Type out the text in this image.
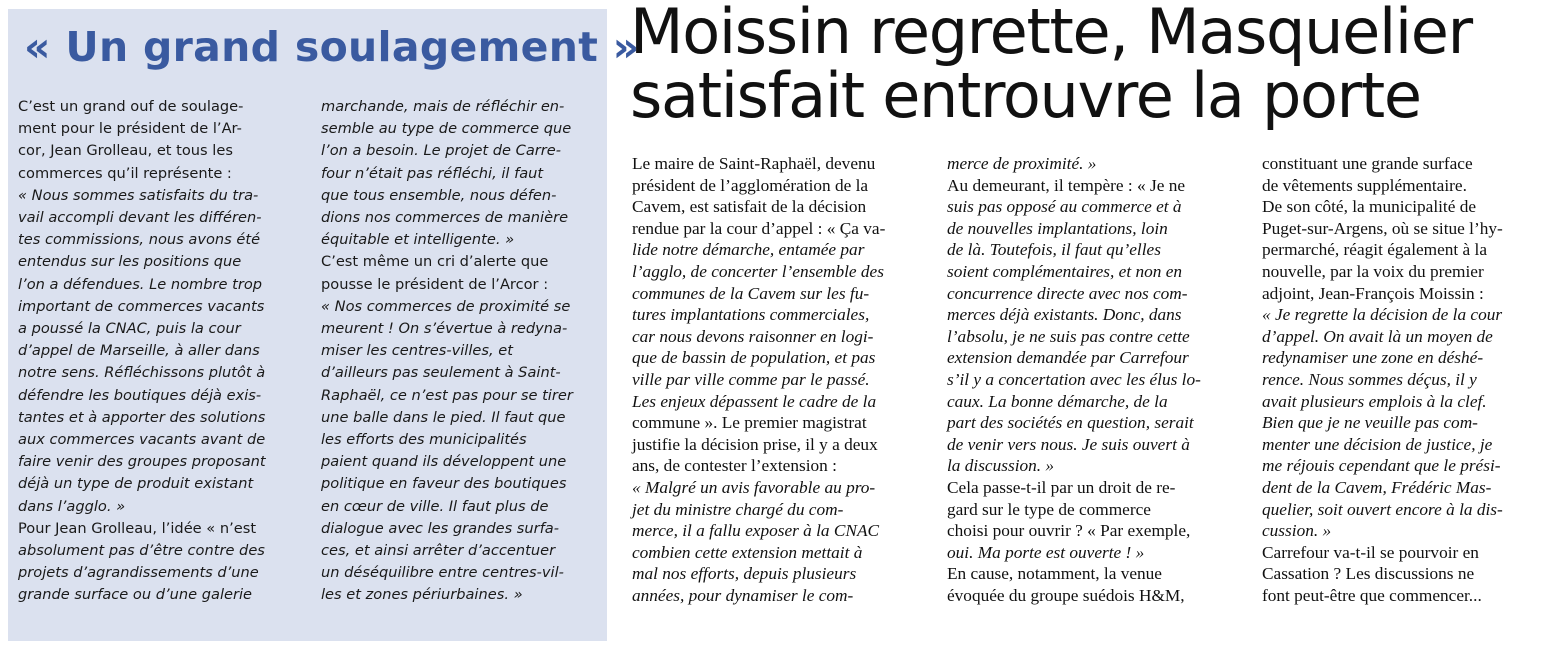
« Un grand soulagement »
C’est un grand ouf de soulage-
ment pour le président de l’Ar-
cor, Jean Grolleau, et tous les
commerces qu’il représente :
« Nous sommes satisfaits du tra-
vail accompli devant les différen-
tes commissions, nous avons été
entendus sur les positions que
l’on a défendues. Le nombre trop
important de commerces vacants
a poussé la CNAC, puis la cour
d’appel de Marseille, à aller dans
notre sens. Réfléchissons plutôt à
défendre les boutiques déjà exis-
tantes et à apporter des solutions
aux commerces vacants avant de
faire venir des groupes proposant
déjà un type de produit existant
dans l’agglo. »
Pour Jean Grolleau, l’idée « n’est
absolument pas d’être contre des
projets d’agrandissements d’une
grande surface ou d’une galerie
marchande, mais de réfléchir en-
semble au type de commerce que
l’on a besoin. Le projet de Carre-
four n’était pas réfléchi, il faut
que tous ensemble, nous défen-
dions nos commerces de manière
équitable et intelligente. »
C’est même un cri d’alerte que
pousse le président de l’Arcor :
« Nos commerces de proximité se
meurent ! On s’évertue à redyna-
miser les centres-villes, et
d’ailleurs pas seulement à Saint-
Raphaël, ce n’est pas pour se tirer
une balle dans le pied. Il faut que
les efforts des municipalités
paient quand ils développent une
politique en faveur des boutiques
en cœur de ville. Il faut plus de
dialogue avec les grandes surfa-
ces, et ainsi arrêter d’accentuer
un déséquilibre entre centres-vil-
les et zones périurbaines. »
Moissin regrette, Masquelier
satisfait entrouvre la porte
Le maire de Saint-Raphaël, devenu
président de l’agglomération de la
Cavem, est satisfait de la décision
rendue par la cour d’appel : « Ça va-
lide notre démarche, entamée par
l’agglo, de concerter l’ensemble des
communes de la Cavem sur les fu-
tures implantations commerciales,
car nous devons raisonner en logi-
que de bassin de population, et pas
ville par ville comme par le passé.
Les enjeux dépassent le cadre de la
commune ». Le premier magistrat
justifie la décision prise, il y a deux
ans, de contester l’extension :
« Malgré un avis favorable au pro-
jet du ministre chargé du com-
merce, il a fallu exposer à la CNAC
combien cette extension mettait à
mal nos efforts, depuis plusieurs
années, pour dynamiser le com-
merce de proximité. »
Au demeurant, il tempère : « Je ne
suis pas opposé au commerce et à
de nouvelles implantations, loin
de là. Toutefois, il faut qu’elles
soient complémentaires, et non en
concurrence directe avec nos com-
merces déjà existants. Donc, dans
l’absolu, je ne suis pas contre cette
extension demandée par Carrefour
s’il y a concertation avec les élus lo-
caux. La bonne démarche, de la
part des sociétés en question, serait
de venir vers nous. Je suis ouvert à
la discussion. »
Cela passe-t-il par un droit de re-
gard sur le type de commerce
choisi pour ouvrir ? « Par exemple,
oui. Ma porte est ouverte ! »
En cause, notamment, la venue
évoquée du groupe suédois H&M,
constituant une grande surface
de vêtements supplémentaire.
De son côté, la municipalité de
Puget-sur-Argens, où se situe l’hy-
permarché, réagit également à la
nouvelle, par la voix du premier
adjoint, Jean-François Moissin :
« Je regrette la décision de la cour
d’appel. On avait là un moyen de
redynamiser une zone en déshé-
rence. Nous sommes déçus, il y
avait plusieurs emplois à la clef.
Bien que je ne veuille pas com-
menter une décision de justice, je
me réjouis cependant que le prési-
dent de la Cavem, Frédéric Mas-
quelier, soit ouvert encore à la dis-
cussion. »
Carrefour va-t-il se pourvoir en
Cassation ? Les discussions ne
font peut-être que commencer...
